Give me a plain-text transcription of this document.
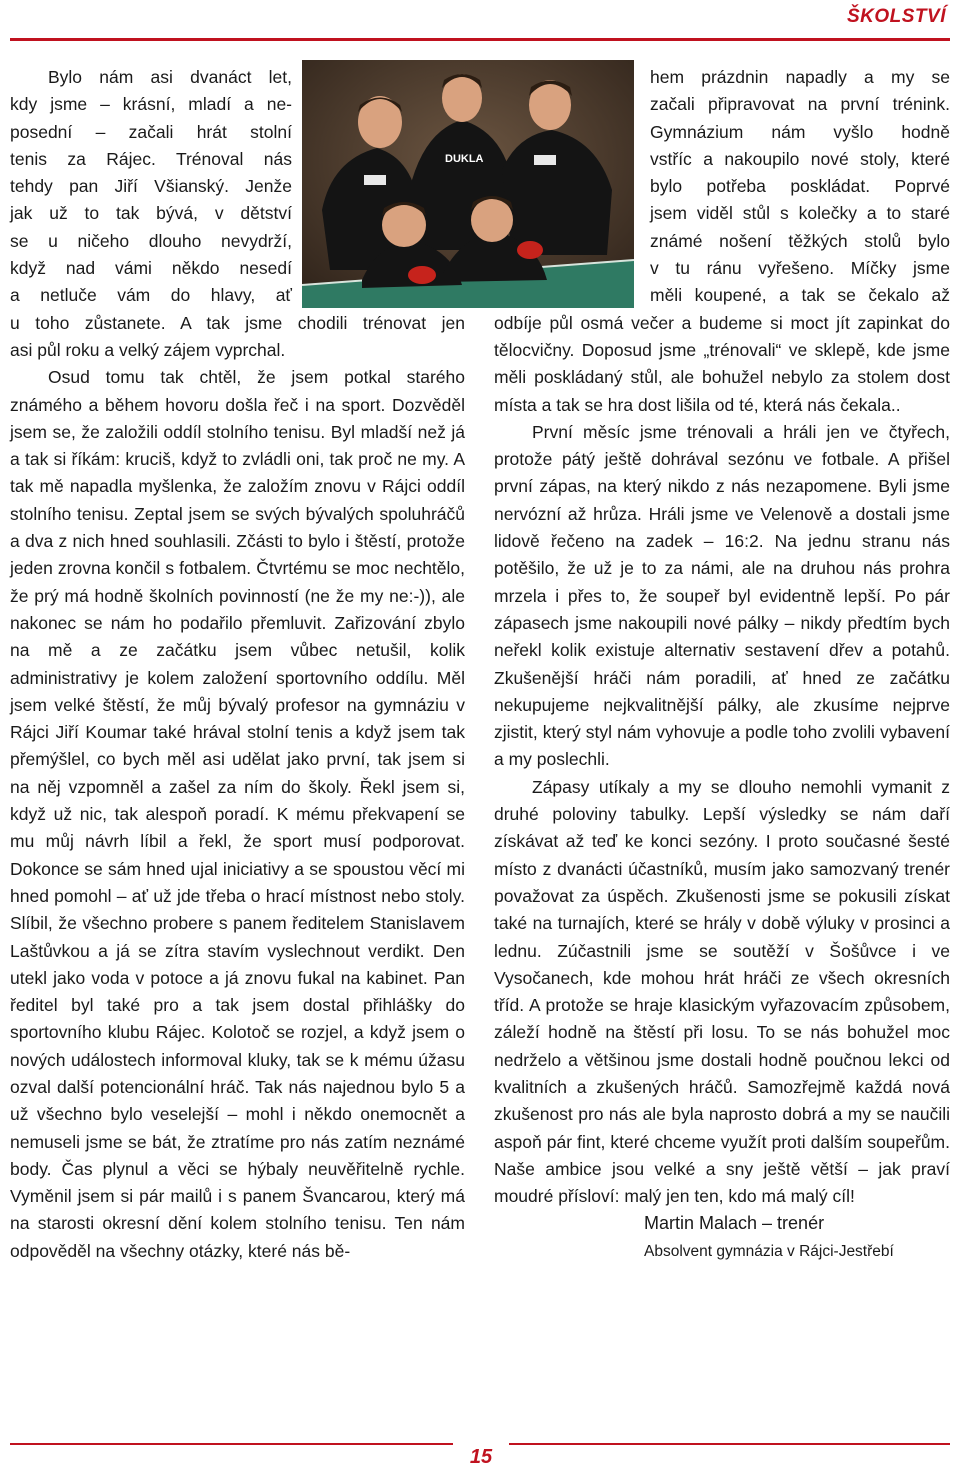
ŠKOLSTVÍ
DUKLA
Bylo nám asi dvanáct let,
kdy jsme – krásní, mladí a ne-
posední – začali hrát stolní
tenis za Rájec. Trénoval nás
tehdy pan Jiří Všianský. Jenže
jak už to tak bývá, v dětství
se u ničeho dlouho nevydrží,
když nad vámi někdo nesedí
a netluče vám do hlavy, ať
u toho zůstanete. A tak jsme chodili trénovat jen
asi půl roku a velký zájem vyprchal.

Osud tomu tak chtěl, že jsem potkal starého známého a během hovoru došla řeč i na sport. Dozvěděl jsem se, že založili oddíl stolního tenisu. Byl mladší než já a tak si říkám: kruciš, když to zvládli oni, tak proč ne my. A tak mě napadla myšlenka, že založím znovu v Rájci oddíl stolního tenisu. Zeptal jsem se svých bývalých spoluhráčů a dva z nich hned souhlasili. Zčásti to bylo i štěstí, protože jeden zrovna končil s fotbalem. Čtvrtému se moc nechtělo, že prý má hodně školních povinností (ne že my ne:-)), ale nakonec se nám ho podařilo přemluvit. Zařizování zbylo na mě a ze začátku jsem vůbec netušil, kolik administrativy je kolem založení sportovního oddílu. Měl jsem velké štěstí, že můj bývalý profesor na gymnáziu v Rájci Jiří Koumar také hrával stolní tenis a když jsem tak přemýšlel, co bych měl asi udělat jako první, tak jsem si na něj vzpomněl a zašel za ním do školy. Řekl jsem si, když už nic, tak alespoň poradí. K mému překvapení se mu můj návrh líbil a řekl, že sport musí podporovat. Dokonce se sám hned ujal iniciativy a se spoustou věcí mi hned pomohl – ať už jde třeba o hrací místnost nebo stoly. Slíbil, že všechno probere s panem ředitelem Stanislavem Laštůvkou a já se zítra stavím vyslechnout verdikt. Den utekl jako voda v potoce a já znovu fukal na kabinet. Pan ředitel byl také pro a tak jsem dostal přihlášky do sportovního klubu Rájec. Kolotoč se rozjel, a když jsem o nových událostech informoval kluky, tak se k mému úžasu ozval další potencionální hráč. Tak nás najednou bylo 5 a už všechno bylo veselejší – mohl i někdo onemocnět a nemuseli jsme se bát, že ztratíme pro nás zatím neznámé body. Čas plynul a věci se hýbaly neuvěřitelně rychle. Vyměnil jsem si pár mailů i s panem Švancarou, který má na starosti okresní dění kolem stolního tenisu. Ten nám odpověděl na všechny otázky, které nás bě-

hem prázdnin napadly a my se
začali připravovat na první trénink.
Gymnázium nám vyšlo hodně
vstříc a nakoupilo nové stoly, které
bylo potřeba poskládat. Poprvé
jsem viděl stůl s kolečky a to staré
známé nošení těžkých stolů bylo
v tu ránu vyřešeno. Míčky jsme
měli koupené, a tak se čekalo až

odbíje půl osmá večer a budeme si moct jít zapinkat do tělocvičny. Doposud jsme „trénovali“ ve sklepě, kde jsme měli poskládaný stůl, ale bohužel nebylo za stolem dost místa a tak se hra dost lišila od té, která nás čekala..

První měsíc jsme trénovali a hráli jen ve čtyřech, protože pátý ještě dohrával sezónu ve fotbale. A přišel první zápas, na který nikdo z nás nezapomene. Byli jsme nervózní až hrůza. Hráli jsme ve Velenově a dostali jsme lidově řečeno na zadek – 16:2. Na jednu stranu nás potěšilo, že už je to za námi, ale na druhou nás prohra mrzela i přes to, že soupeř byl evidentně lepší. Po pár zápasech jsme nakoupili nové pálky – nikdy předtím bych neřekl kolik existuje alternativ sestavení dřev a potahů. Zkušenější hráči nám poradili, ať hned ze začátku nekupujeme nejkvalitnější pálky, ale zkusíme nejprve zjistit, který styl nám vyhovuje a podle toho zvolili vybavení a my poslechli.

Zápasy utíkaly a my se dlouho nemohli vymanit z druhé poloviny tabulky. Lepší výsledky se nám daří získávat až teď ke konci sezóny. I proto současné šesté místo z dvanácti účastníků, musím jako samozvaný trenér považovat za úspěch. Zkušenosti jsme se pokusili získat také na turnajích, které se hrály v době výluky v prosinci a lednu. Zúčastnili jsme se soutěží v Šošůvce i ve Vysočanech, kde mohou hrát hráči ze všech okresních tříd. A protože se hraje klasickým vyřazovacím způsobem, záleží hodně na štěstí při losu. To se nás bohužel moc nedrželo a většinou jsme dostali hodně poučnou lekci od kvalitních a zkušených hráčů. Samozřejmě každá nová zkušenost pro nás ale byla naprosto dobrá a my se naučili aspoň pár fint, které chceme využít proti dalším soupeřům. Naše ambice jsou velké a sny ještě větší – jak praví moudré přísloví: malý jen ten, kdo má malý cíl!

Martin Malach – trenér

Absolvent gymnázia v Rájci-Jestřebí

15
